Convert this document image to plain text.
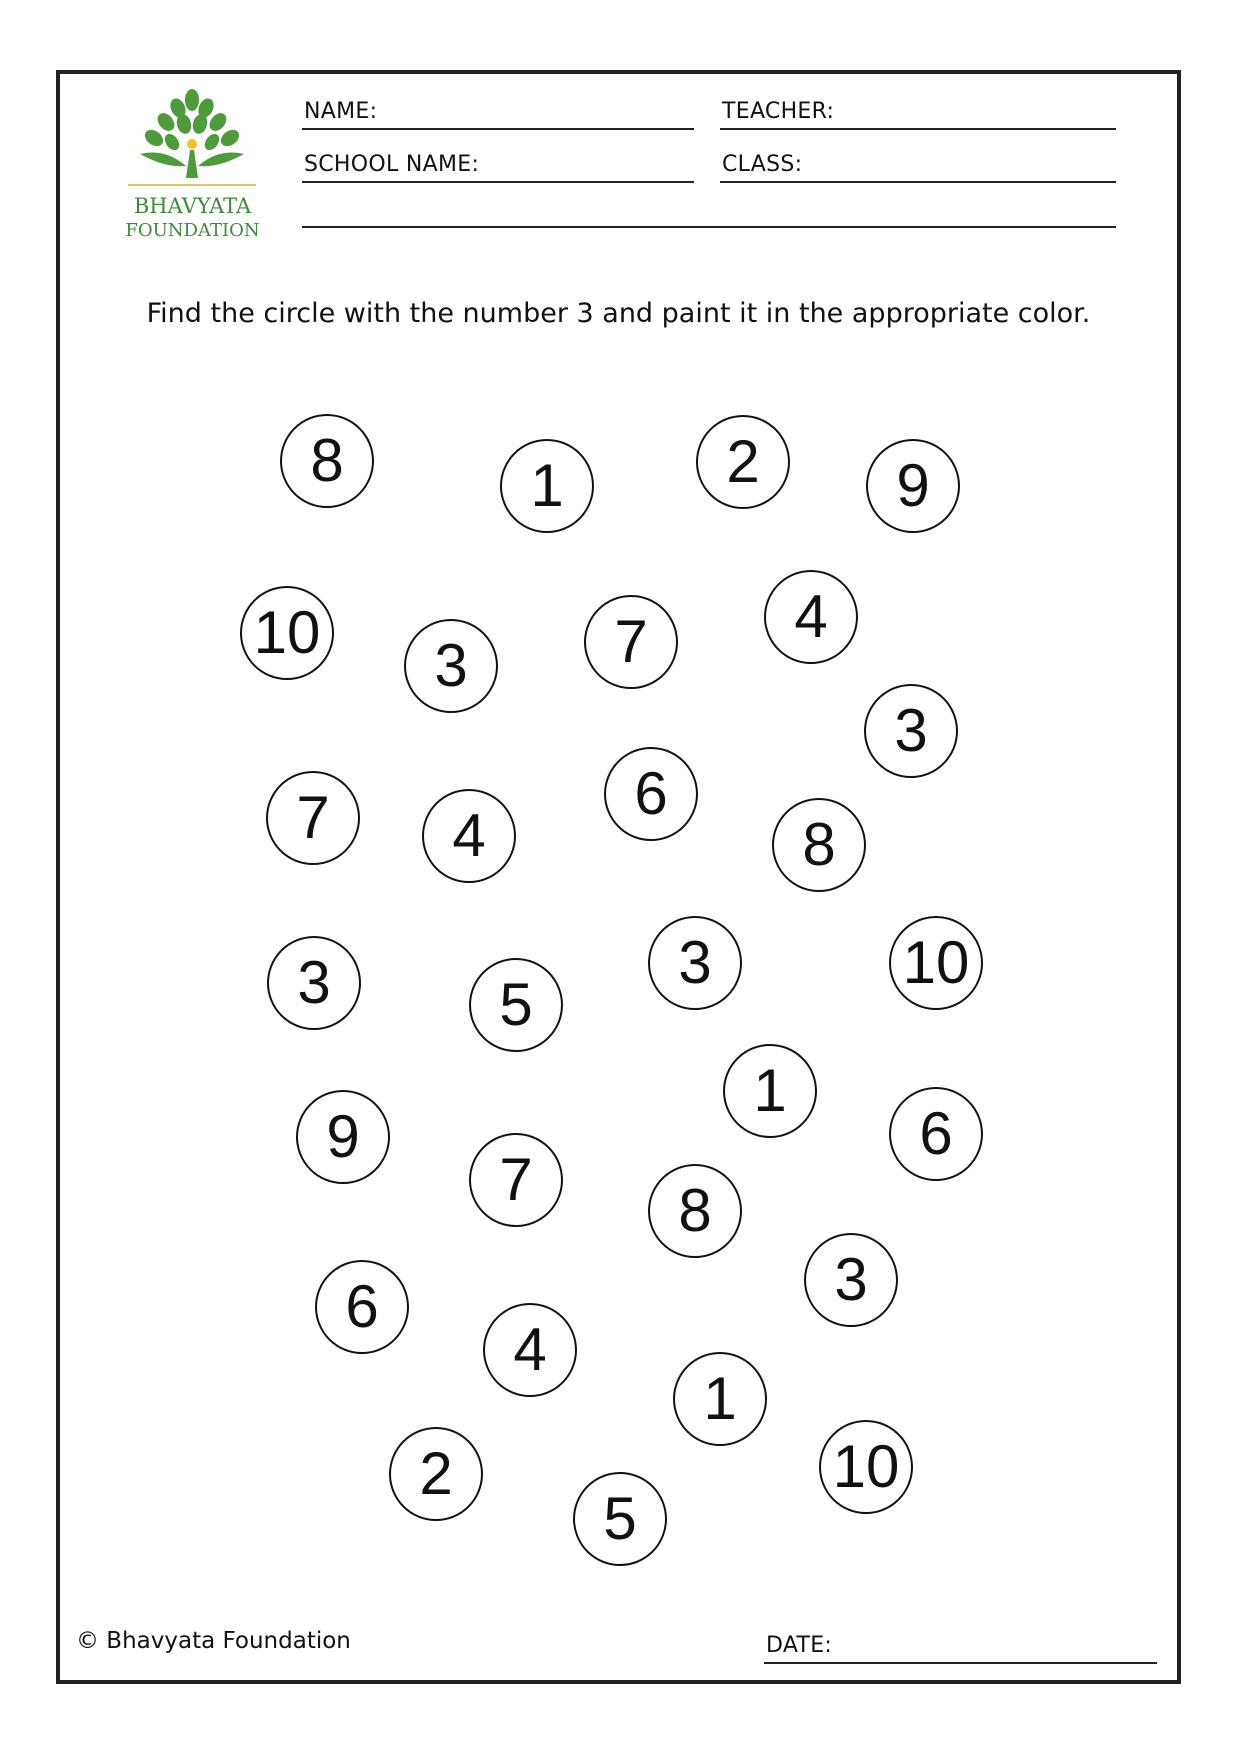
BHAVYATA
FOUNDATION
NAME:	TEACHER:
SCHOOL NAME:	CLASS:
Find the circle with the number 3 and paint it in the appropriate color.
8	1	2	9
10	3	7	4
3
7	4
6
8
3	5
3	10
1
6
9
7	8
3
6
4
1
2
5
10
© Bhavyata Foundation	DATE:
